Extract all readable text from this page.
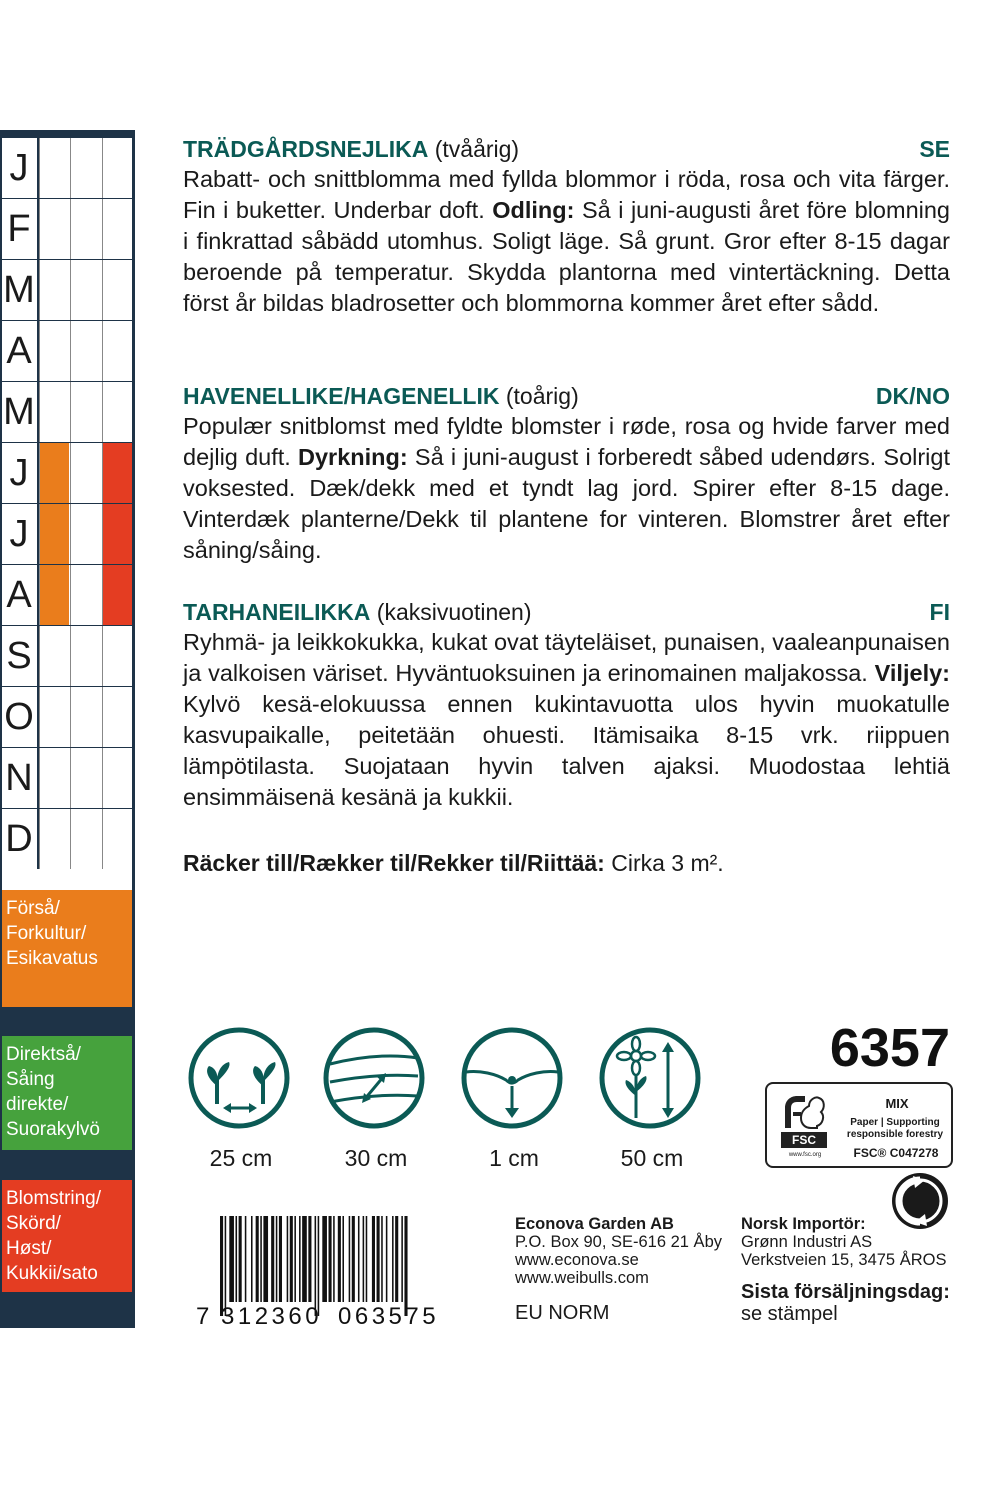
J
F
M
A
M
J
J
A
S
O
N
D
Förså/
Forkultur/
Esikavatus
Direktså/
Såing
direkte/
Suorakylvö
Blomstring/
Skörd/
Høst/
Kukkii/sato
TRÄDGÅRDSNEJLIKA (tvåårig)	SE
Rabatt- och snittblomma med fyllda blommor i röda, rosa och vita färger. Fin i buketter. Underbar doft. Odling: Så i juni-augusti året före blomning i finkrattad såbädd utomhus. Soligt läge. Så grunt. Gror efter 8-15 dagar beroende på temperatur. Skydda plantorna med vintertäckning. Detta först år bildas bladrosetter och blommorna kommer året efter sådd.
HAVENELLIKE/HAGENELLIK (toårig)	DK/NO
Populær snitblomst med fyldte blomster i røde, rosa og hvide farver med dejlig duft. Dyrkning: Så i juni-august i forberedt såbed udendørs. Solrigt voksested. Dæk/dekk med et tyndt lag jord. Spirer efter 8-15 dage. Vinterdæk planterne/Dekk til plantene for vinteren. Blomstrer året efter såning/såing.
TARHANEILIKKA (kaksivuotinen)	FI
Ryhmä- ja leikkokukka, kukat ovat täyteläiset, punaisen, vaaleanpunaisen ja valkoisen väriset. Hyväntuoksuinen ja erinomainen maljakossa. Viljely: Kylvö kesä-elokuussa ennen kukintavuotta ulos hyvin muokatulle kasvupaikalle, peitetään ohuesti. Itämisaika 8-15 vrk. riippuen lämpötilasta. Suojataan hyvin talven ajaksi. Muodostaa lehtiä ensimmäisenä kesänä ja kukkii.
Räcker till/Rækker til/Rekker til/Riittää: Cirka 3 m².
25 cm	30 cm	1 cm	50 cm
6357
FSC
www.fsc.org
MIX
Paper | Supporting responsible forestry
FSC® C047278
7 312360 063575
Econova Garden AB
P.O. Box 90, SE-616 21 Åby
www.econova.se
www.weibulls.com
EU NORM
Norsk Importör:
Grønn Industri AS
Verkstveien 15, 3475 ÅROS
Sista försäljningsdag:
se stämpel
